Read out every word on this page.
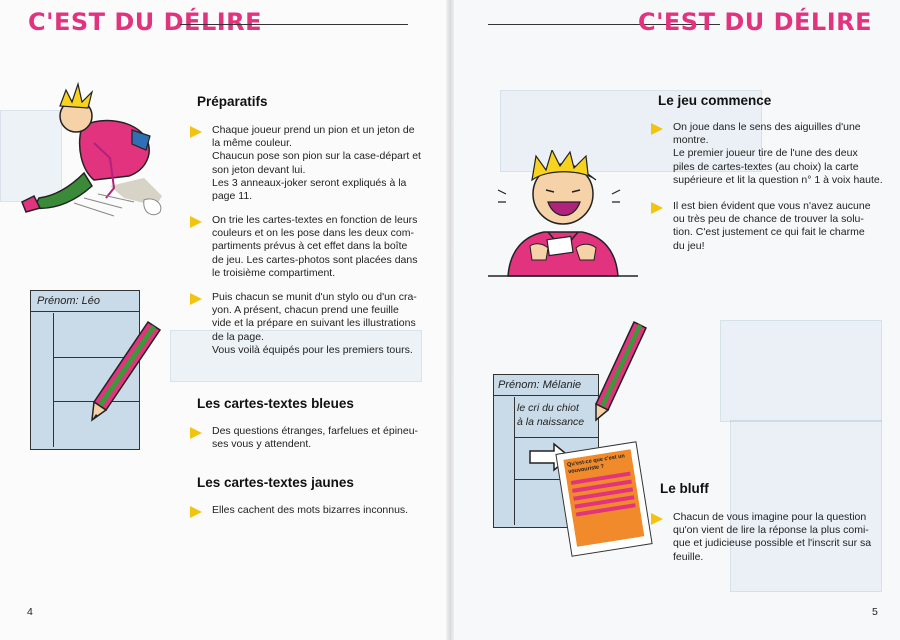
C'EST DU DÉLIRE
Préparatifs
Chaque joueur prend un pion et un jeton de
la même couleur.
Chaucun pose son pion sur la case-départ et
son jeton devant lui.
Les 3 anneaux-joker seront expliqués à la
page 11.
On trie les cartes-textes en fonction de leurs
couleurs et on les pose dans les deux com-
partiments prévus à cet effet dans la boîte
de jeu. Les cartes-photos sont placées dans
le troisième compartiment.
Puis chacun se munit d'un stylo ou d'un cra-
yon. A présent, chacun prend une feuille
vide et la prépare en suivant les illustrations
de la page.
Vous voilà équipés pour les premiers tours.
Prénom: Léo
Les cartes-textes bleues
Des questions étranges, farfelues et épineu-
ses vous y attendent.
Les cartes-textes jaunes
Elles cachent des mots bizarres inconnus.
4
C'EST DU DÉLIRE
Le jeu commence
On joue dans le sens des aiguilles d'une
montre.
Le premier joueur tire de l'une des deux
piles de cartes-textes (au choix) la carte
supérieure et lit la question n° 1 à voix haute.
Il est bien évident que vous n'avez aucune
ou très peu de chance de trouver la solu-
tion. C'est justement ce qui fait le charme
du jeu!
Prénom: Mélanie
le cri du chiot
à la naissance
Qu'est-ce que c'est un vouvouriste ?
Le bluff
Chacun de vous imagine pour la question
qu'on vient de lire la réponse la plus comi-
que et judicieuse possible et l'inscrit sur sa
feuille.
5
